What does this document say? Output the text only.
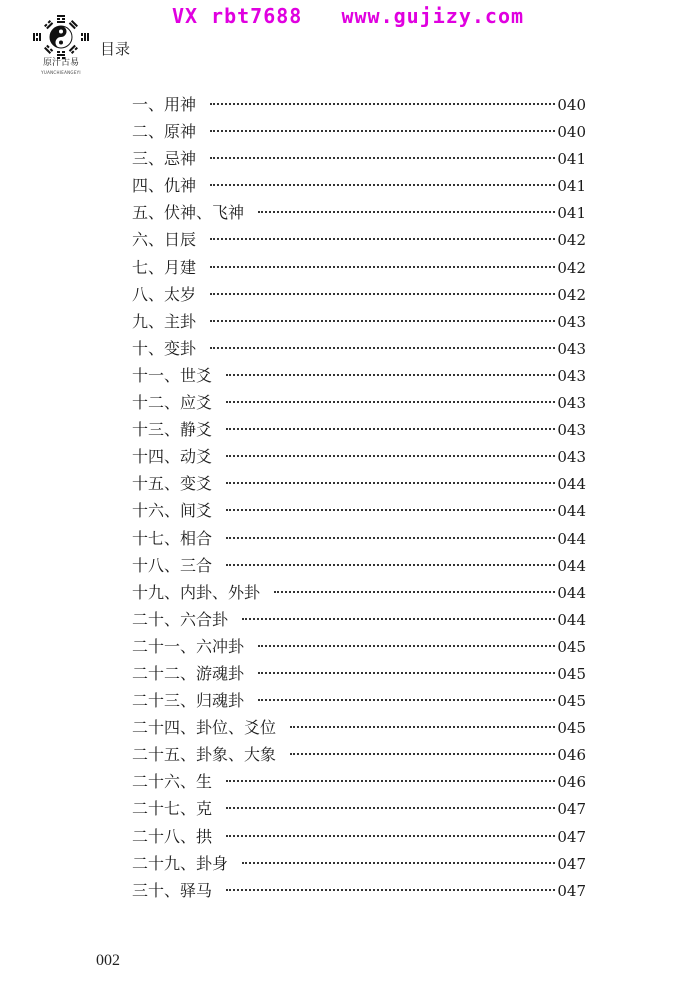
VX rbt7688   www.gujizy.com
原汁古易
YUANCHIEANGEYI
目录
一、用神	040
二、原神	040
三、忌神	041
四、仇神	041
五、伏神、飞神	041
六、日辰	042
七、月建	042
八、太岁	042
九、主卦	043
十、变卦	043
十一、世爻	043
十二、应爻	043
十三、静爻	043
十四、动爻	043
十五、变爻	044
十六、间爻	044
十七、相合	044
十八、三合	044
十九、内卦、外卦	044
二十、六合卦	044
二十一、六冲卦	045
二十二、游魂卦	045
二十三、归魂卦	045
二十四、卦位、爻位	045
二十五、卦象、大象	046
二十六、生	046
二十七、克	047
二十八、拱	047
二十九、卦身	047
三十、驿马	047
002
